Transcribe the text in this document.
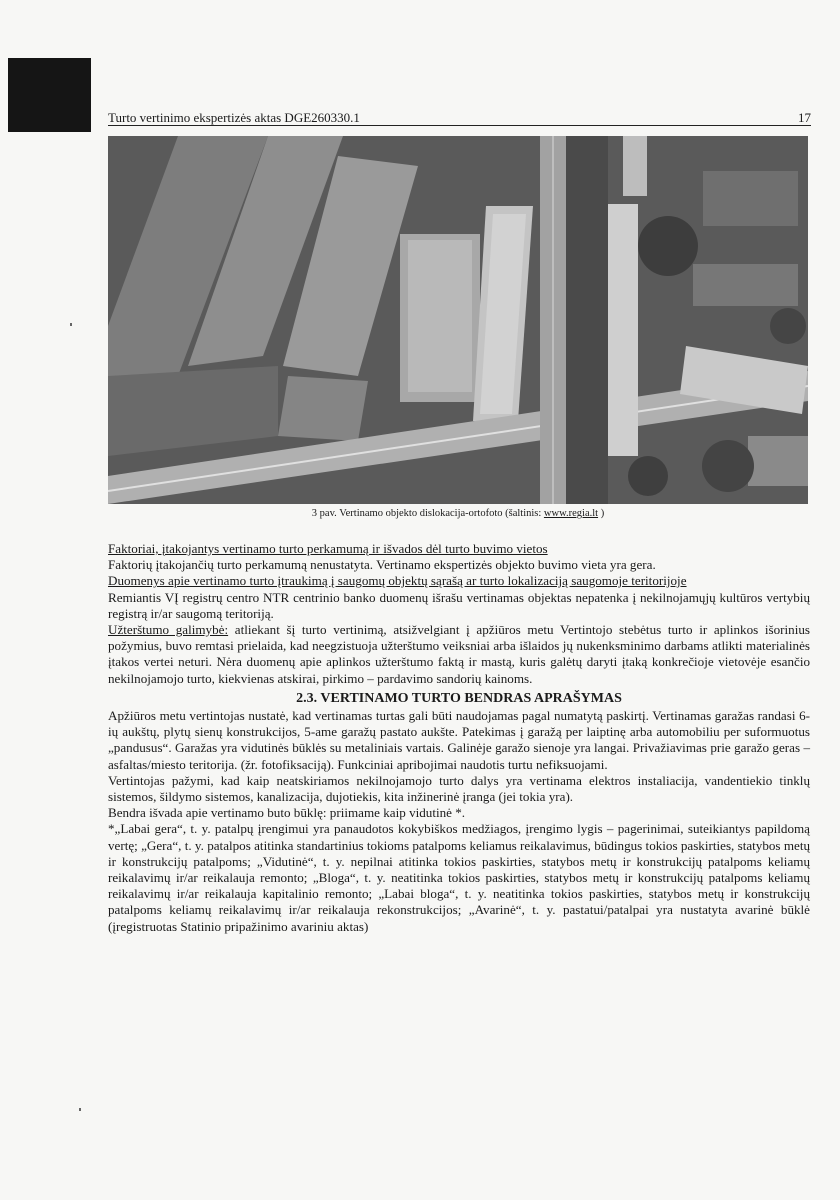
Turto vertinimo ekspertizės aktas DGE260330.1	17
3 pav. Vertinamo objekto dislokacija-ortofoto (šaltinis: www.regia.lt )

Faktoriai, įtakojantys vertinamo turto perkamumą ir išvados dėl turto buvimo vietos

Faktorių įtakojančių turto perkamumą nenustatyta. Vertinamo ekspertizės objekto buvimo vieta yra gera.

Duomenys apie vertinamo turto įtraukimą į saugomų objektų sąrašą ar turto lokalizaciją saugomoje teritorijoje

Remiantis VĮ registrų centro NTR centrinio banko duomenų išrašu vertinamas objektas nepatenka į nekilnojamųjų kultūros vertybių registrą ir/ar saugomą teritoriją.

Užterštumo galimybė: atliekant šį turto vertinimą, atsižvelgiant į apžiūros metu Vertintojo stebėtus turto ir aplinkos išorinius požymius, buvo remtasi prielaida, kad neegzistuoja užterštumo veiksniai arba išlaidos jų nukenksminimo darbams atlikti materialinės įtakos vertei neturi. Nėra duomenų apie aplinkos užterštumo faktą ir mastą, kuris galėtų daryti įtaką konkrečioje vietovėje esančio nekilnojamojo turto, kiekvienas atskirai, pirkimo – pardavimo sandorių kainoms.

2.3. VERTINAMO TURTO BENDRAS APRAŠYMAS

Apžiūros metu vertintojas nustatė, kad vertinamas turtas gali būti naudojamas pagal numatytą paskirtį. Vertinamas garažas randasi 6-ių aukštų, plytų sienų konstrukcijos, 5-ame garažų pastato aukšte. Patekimas į garažą per laiptinę arba automobiliu per suformuotus „pandusus“. Garažas yra vidutinės būklės su metaliniais vartais. Galinėje garažo sienoje yra langai. Privažiavimas prie garažo geras – asfaltas/miesto teritorija. (žr. fotofiksaciją). Funkciniai apribojimai naudotis turtu nefiksuojami.

Vertintojas pažymi, kad kaip neatskiriamos nekilnojamojo turto dalys yra vertinama elektros instaliacija, vandentiekio tinklų sistemos, šildymo sistemos, kanalizacija, dujotiekis, kita inžinerinė įranga (jei tokia yra).

Bendra išvada apie vertinamo buto būklę: priimame kaip vidutinė *.

*„Labai gera“, t. y. patalpų įrengimui yra panaudotos kokybiškos medžiagos, įrengimo lygis – pagerinimai, suteikiantys papildomą vertę; „Gera“, t. y. patalpos atitinka standartinius tokioms patalpoms keliamus reikalavimus, būdingus tokios paskirties, statybos metų ir konstrukcijų patalpoms; „Vidutinė“, t. y. nepilnai atitinka tokios paskirties, statybos metų ir konstrukcijų patalpoms keliamų reikalavimų ir/ar reikalauja remonto; „Bloga“, t. y. neatitinka tokios paskirties, statybos metų ir konstrukcijų patalpoms keliamų reikalavimų ir/ar reikalauja kapitalinio remonto; „Labai bloga“, t. y. neatitinka tokios paskirties, statybos metų ir konstrukcijų patalpoms keliamų reikalavimų ir/ar reikalauja rekonstrukcijos; „Avarinė“, t. y. pastatui/patalpai yra nustatyta avarinė būklė (įregistruotas Statinio pripažinimo avariniu aktas)
